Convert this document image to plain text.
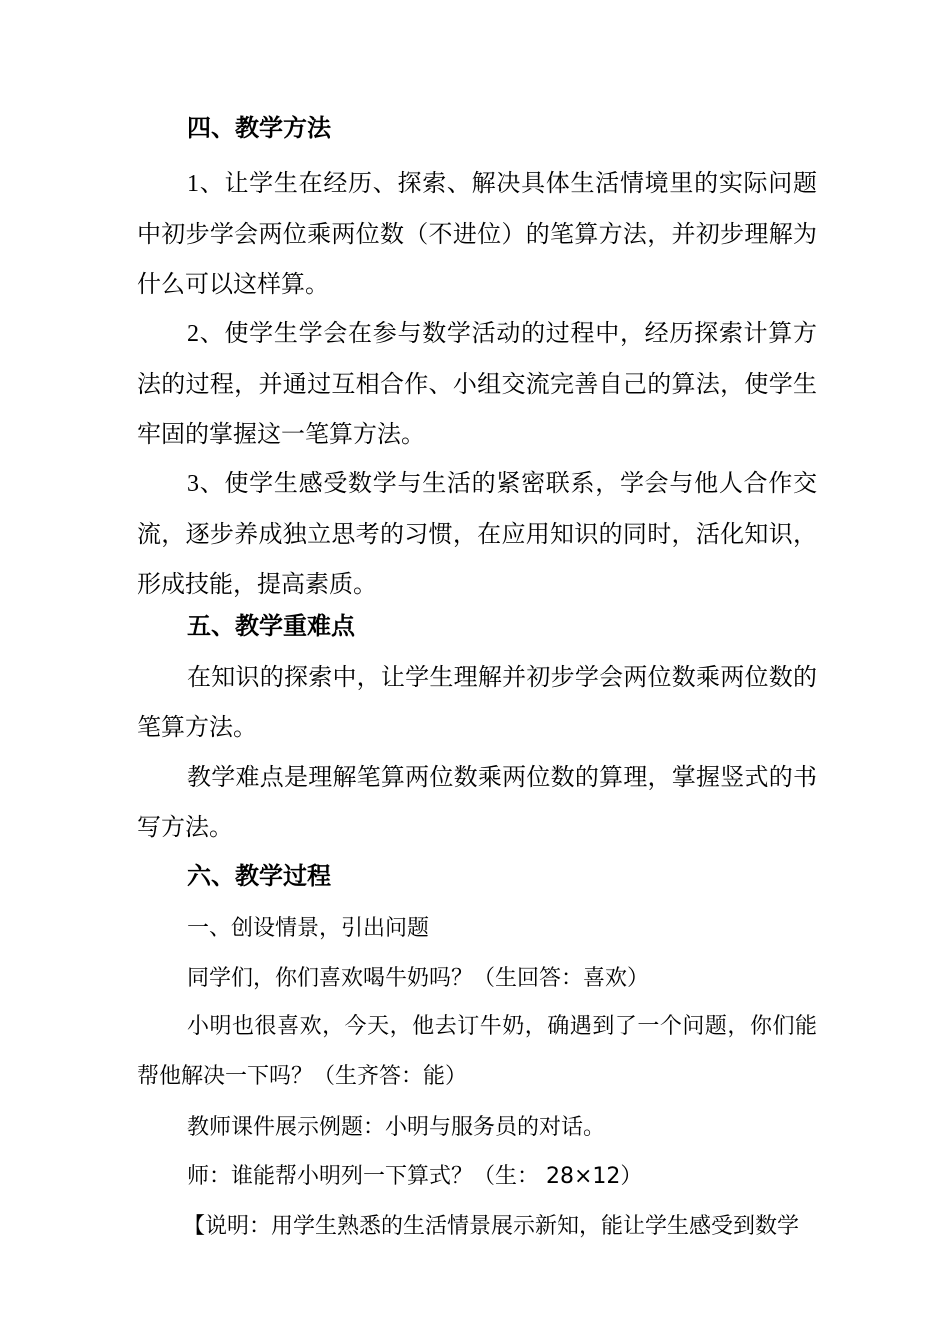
四、教学方法
1、让学生在经历、探索、解决具体生活情境里的实际问题中初步学会两位乘两位数（不进位）的笔算方法，并初步理解为什么可以这样算。
2、使学生学会在参与数学活动的过程中，经历探索计算方法的过程，并通过互相合作、小组交流完善自己的算法，使学生牢固的掌握这一笔算方法。
3、使学生感受数学与生活的紧密联系，学会与他人合作交流，逐步养成独立思考的习惯，在应用知识的同时，活化知识，形成技能，提高素质。
五、教学重难点
在知识的探索中，让学生理解并初步学会两位数乘两位数的笔算方法。
教学难点是理解笔算两位数乘两位数的算理，掌握竖式的书写方法。
六、教学过程
一、创设情景，引出问题
同学们，你们喜欢喝牛奶吗？（生回答：喜欢）
小明也很喜欢，今天，他去订牛奶，确遇到了一个问题，你们能帮他解决一下吗？（生齐答：能）
教师课件展示例题：小明与服务员的对话。
师：谁能帮小明列一下算式？（生： 28×12）
【说明：用学生熟悉的生活情景展示新知，能让学生感受到数学
